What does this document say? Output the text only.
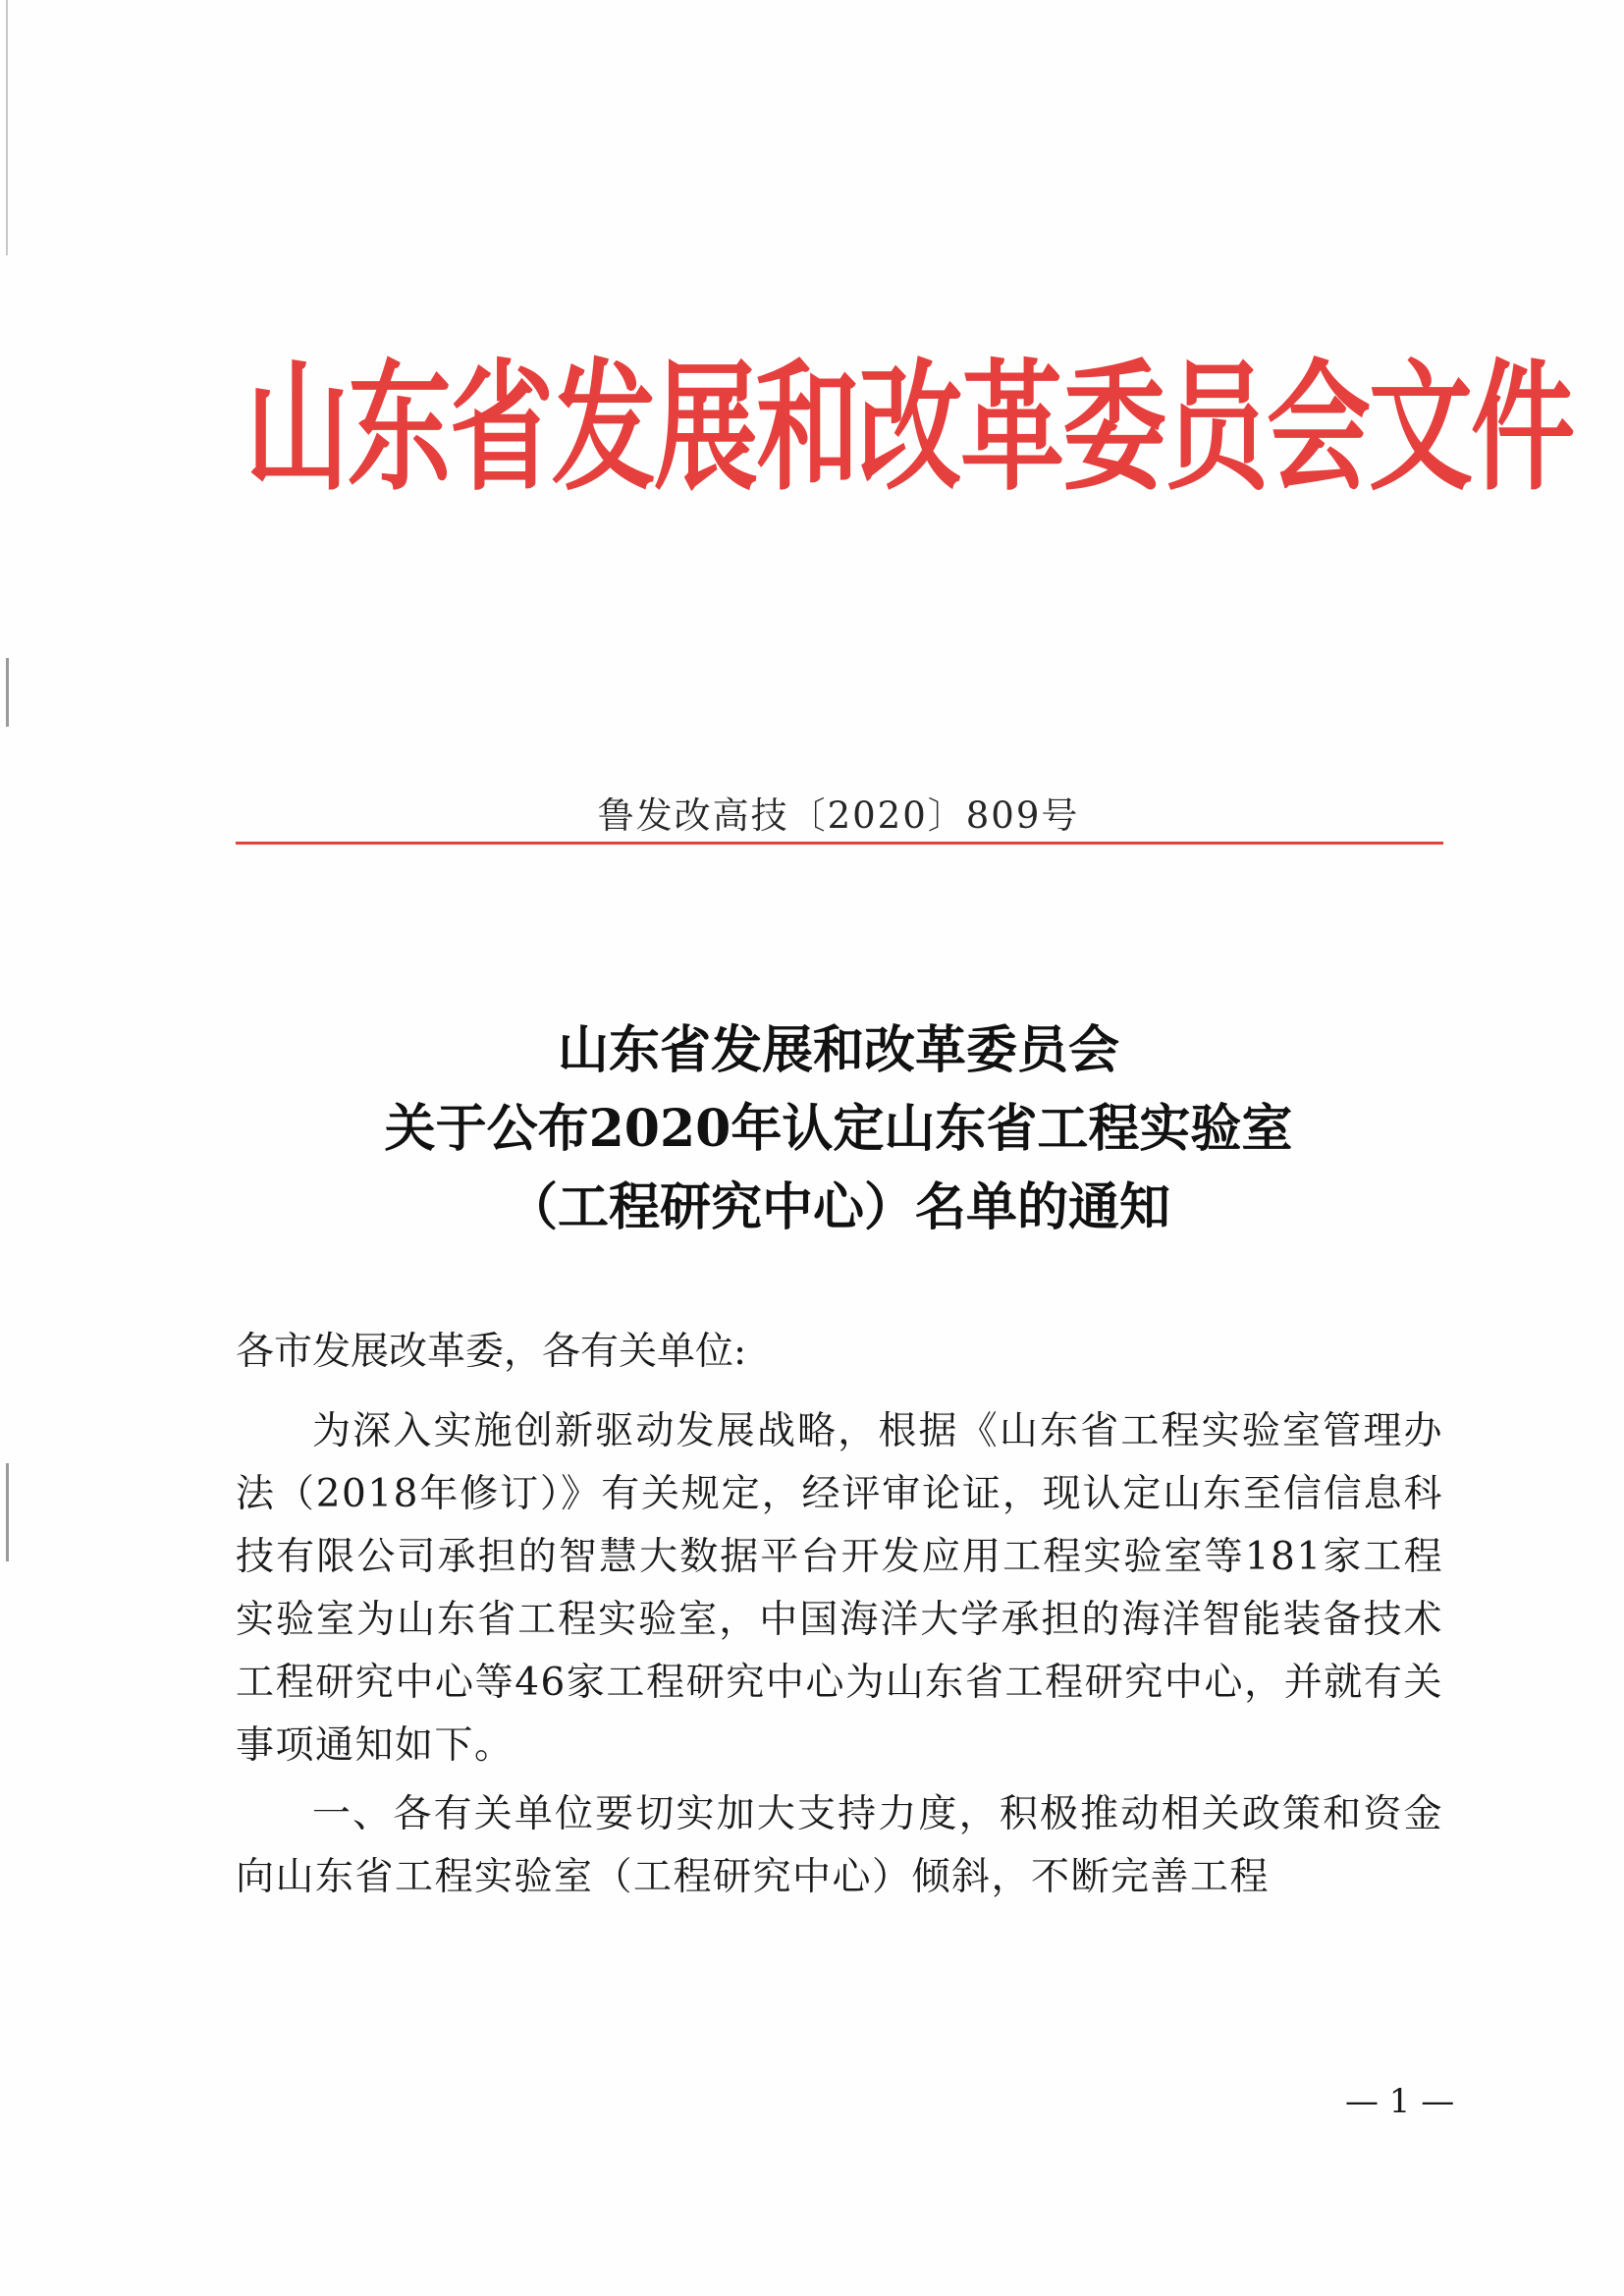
山东省发展和改革委员会文件
鲁发改高技〔2020〕809号
山东省发展和改革委员会
关于公布2020年认定山东省工程实验室
（工程研究中心）名单的通知
各市发展改革委，各有关单位:

为深入实施创新驱动发展战略，根据《山东省工程实验室管理办法（2018年修订）》有关规定，经评审论证，现认定山东至信信息科技有限公司承担的智慧大数据平台开发应用工程实验室等181家工程实验室为山东省工程实验室，中国海洋大学承担的海洋智能装备技术工程研究中心等46家工程研究中心为山东省工程研究中心，并就有关事项通知如下。

一、各有关单位要切实加大支持力度，积极推动相关政策和资金向山东省工程实验室（工程研究中心）倾斜，不断完善工程

— 1 —
